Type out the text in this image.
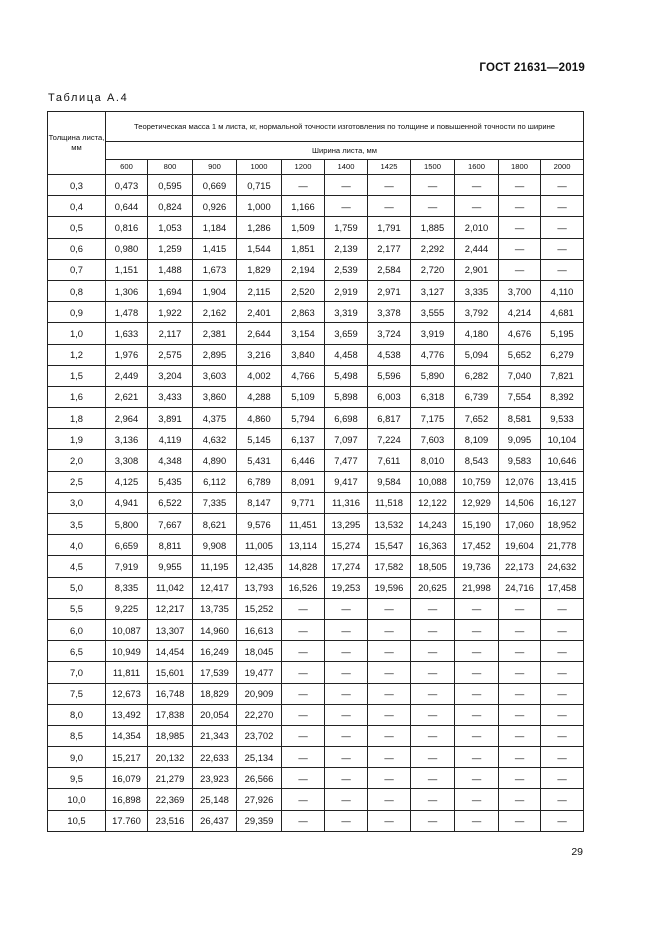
ГОСТ 21631—2019
Таблица А.4
Толщина листа, мм	Теоретическая масса 1 м листа, кг, нормальной точности изготовления по толщине и повышенной точности по ширине										
	Ширина листа, мм										
	600	800	900	1000	1200	1400	1425	1500	1600	1800	2000
0,3	0,473	0,595	0,669	0,715	—	—	—	—	—	—	—
0,4	0,644	0,824	0,926	1,000	1,166	—	—	—	—	—	—
0,5	0,816	1,053	1,184	1,286	1,509	1,759	1,791	1,885	2,010	—	—
0,6	0,980	1,259	1,415	1,544	1,851	2,139	2,177	2,292	2,444	—	—
0,7	1,151	1,488	1,673	1,829	2,194	2,539	2,584	2,720	2,901	—	—
0,8	1,306	1,694	1,904	2,115	2,520	2,919	2,971	3,127	3,335	3,700	4,110
0,9	1,478	1,922	2,162	2,401	2,863	3,319	3,378	3,555	3,792	4,214	4,681
1,0	1,633	2,117	2,381	2,644	3,154	3,659	3,724	3,919	4,180	4,676	5,195
1,2	1,976	2,575	2,895	3,216	3,840	4,458	4,538	4,776	5,094	5,652	6,279
1,5	2,449	3,204	3,603	4,002	4,766	5,498	5,596	5,890	6,282	7,040	7,821
1,6	2,621	3,433	3,860	4,288	5,109	5,898	6,003	6,318	6,739	7,554	8,392
1,8	2,964	3,891	4,375	4,860	5,794	6,698	6,817	7,175	7,652	8,581	9,533
1,9	3,136	4,119	4,632	5,145	6,137	7,097	7,224	7,603	8,109	9,095	10,104
2,0	3,308	4,348	4,890	5,431	6,446	7,477	7,611	8,010	8,543	9,583	10,646
2,5	4,125	5,435	6,112	6,789	8,091	9,417	9,584	10,088	10,759	12,076	13,415
3,0	4,941	6,522	7,335	8,147	9,771	11,316	11,518	12,122	12,929	14,506	16,127
3,5	5,800	7,667	8,621	9,576	11,451	13,295	13,532	14,243	15,190	17,060	18,952
4,0	6,659	8,811	9,908	11,005	13,114	15,274	15,547	16,363	17,452	19,604	21,778
4,5	7,919	9,955	11,195	12,435	14,828	17,274	17,582	18,505	19,736	22,173	24,632
5,0	8,335	11,042	12,417	13,793	16,526	19,253	19,596	20,625	21,998	24,716	17,458
5,5	9,225	12,217	13,735	15,252	—	—	—	—	—	—	—
6,0	10,087	13,307	14,960	16,613	—	—	—	—	—	—	—
6,5	10,949	14,454	16,249	18,045	—	—	—	—	—	—	—
7,0	11,811	15,601	17,539	19,477	—	—	—	—	—	—	—
7,5	12,673	16,748	18,829	20,909	—	—	—	—	—	—	—
8,0	13,492	17,838	20,054	22,270	—	—	—	—	—	—	—
8,5	14,354	18,985	21,343	23,702	—	—	—	—	—	—	—
9,0	15,217	20,132	22,633	25,134	—	—	—	—	—	—	—
9,5	16,079	21,279	23,923	26,566	—	—	—	—	—	—	—
10,0	16,898	22,369	25,148	27,926	—	—	—	—	—	—	—
10,5	17.760	23,516	26,437	29,359	—	—	—	—	—	—	—
29
